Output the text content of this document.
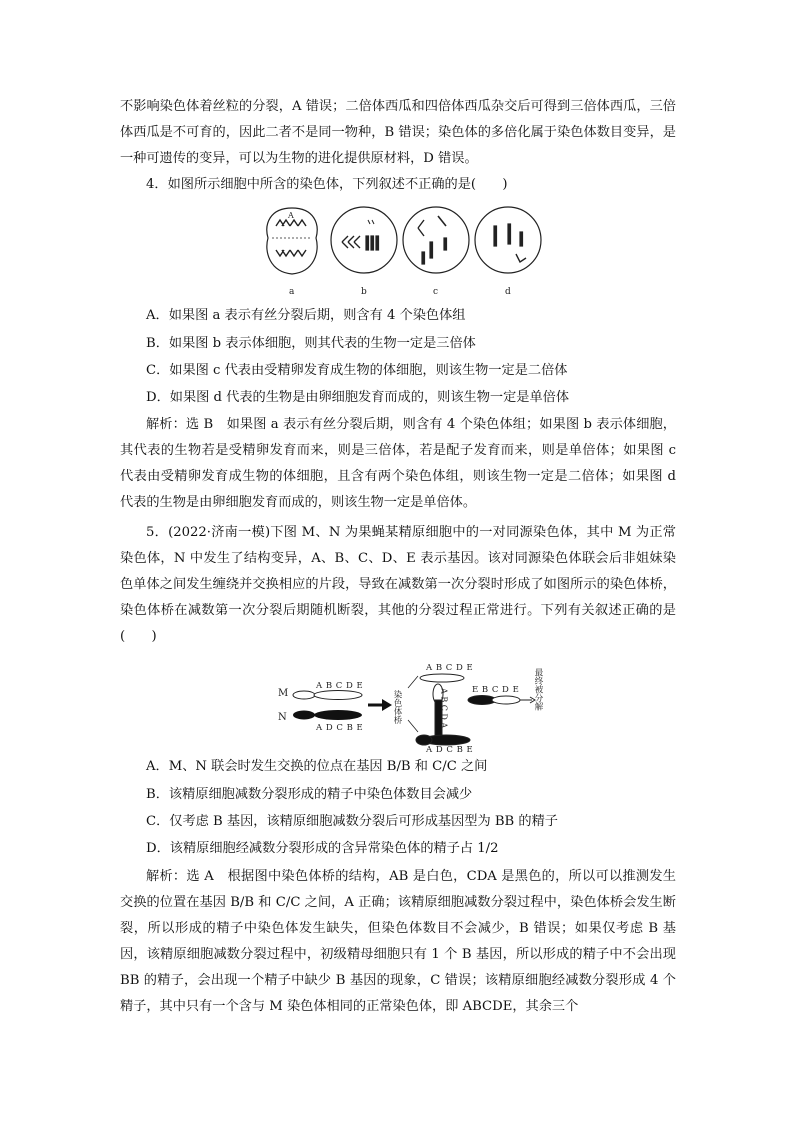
不影响染色体着丝粒的分裂，A 错误；二倍体西瓜和四倍体西瓜杂交后可得到三倍体西瓜，三倍体西瓜是不可育的，因此二者不是同一物种，B 错误；染色体的多倍化属于染色体数目变异，是一种可遗传的变异，可以为生物的进化提供原材料，D 错误。

4．如图所示细胞中所含的染色体，下列叙述不正确的是(　　)

A
a	b	c	d

A．如果图 a 表示有丝分裂后期，则含有 4 个染色体组

B．如果图 b 表示体细胞，则其代表的生物一定是三倍体

C．如果图 c 代表由受精卵发育成生物的体细胞，则该生物一定是二倍体

D．如果图 d 代表的生物是由卵细胞发育而成的，则该生物一定是单倍体

解析：选 B　如果图 a 表示有丝分裂后期，则含有 4 个染色体组；如果图 b 表示体细胞，其代表的生物若是受精卵发育而来，则是三倍体，若是配子发育而来，则是单倍体；如果图 c 代表由受精卵发育成生物的体细胞，且含有两个染色体组，则该生物一定是二倍体；如果图 d 代表的生物是由卵细胞发育而成的，则该生物一定是单倍体。

5．(2022·济南一模)下图 M、N 为果蝇某精原细胞中的一对同源染色体，其中 M 为正常染色体，N 中发生了结构变异，A、B、C、D、E 表示基因。该对同源染色体联会后非姐妹染色单体之间发生缠绕并交换相应的片段，导致在减数第一次分裂时形成了如图所示的染色体桥，染色体桥在减数第一次分裂后期随机断裂，其他的分裂过程正常进行。下列有关叙述正确的是(　　)

M
A B C D E
N
A D C B E
染色体桥
A B C D E
A B C D A
A D C B E
E B C D E 最终被分解

A．M、N 联会时发生交换的位点在基因 B/B 和 C/C 之间

B．该精原细胞减数分裂形成的精子中染色体数目会减少

C．仅考虑 B 基因，该精原细胞减数分裂后可形成基因型为 BB 的精子

D．该精原细胞经减数分裂形成的含异常染色体的精子占 1/2

解析：选 A　根据图中染色体桥的结构，AB 是白色，CDA 是黑色的，所以可以推测发生交换的位置在基因 B/B 和 C/C 之间，A 正确；该精原细胞减数分裂过程中，染色体桥会发生断裂，所以形成的精子中染色体发生缺失，但染色体数目不会减少，B 错误；如果仅考虑 B 基因，该精原细胞减数分裂过程中，初级精母细胞只有 1 个 B 基因，所以形成的精子中不会出现 BB 的精子，会出现一个精子中缺少 B 基因的现象，C 错误；该精原细胞经减数分裂形成 4 个精子，其中只有一个含与 M 染色体相同的正常染色体，即 ABCDE，其余三个
